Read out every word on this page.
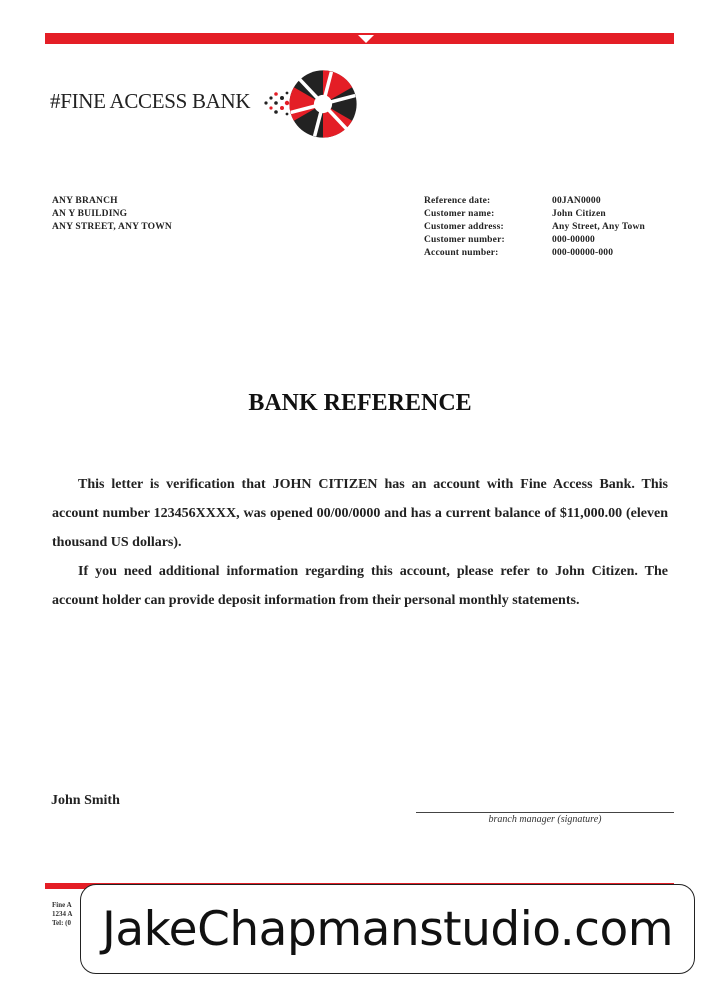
#FINE ACCESS BANK
ANY BRANCH
AN Y BUILDING
ANY STREET, ANY TOWN
Reference date:	00JAN0000
Customer name:	John Citizen
Customer address:	Any Street, Any Town
Customer number:	000-00000
Account number:	000-00000-000
BANK REFERENCE

This letter is verification that JOHN CITIZEN has an account with Fine Access Bank. This account number 123456XXXX, was opened 00/00/0000 and has a current balance of $11,000.00 (eleven thousand US dollars).

If you need additional information regarding this account, please refer to John Citizen. The account holder can provide deposit information from their personal monthly statements.

John Smith
branch manager (signature)
Fine A
1234 A
Tel: (0 JakeChapmanstudio.com
